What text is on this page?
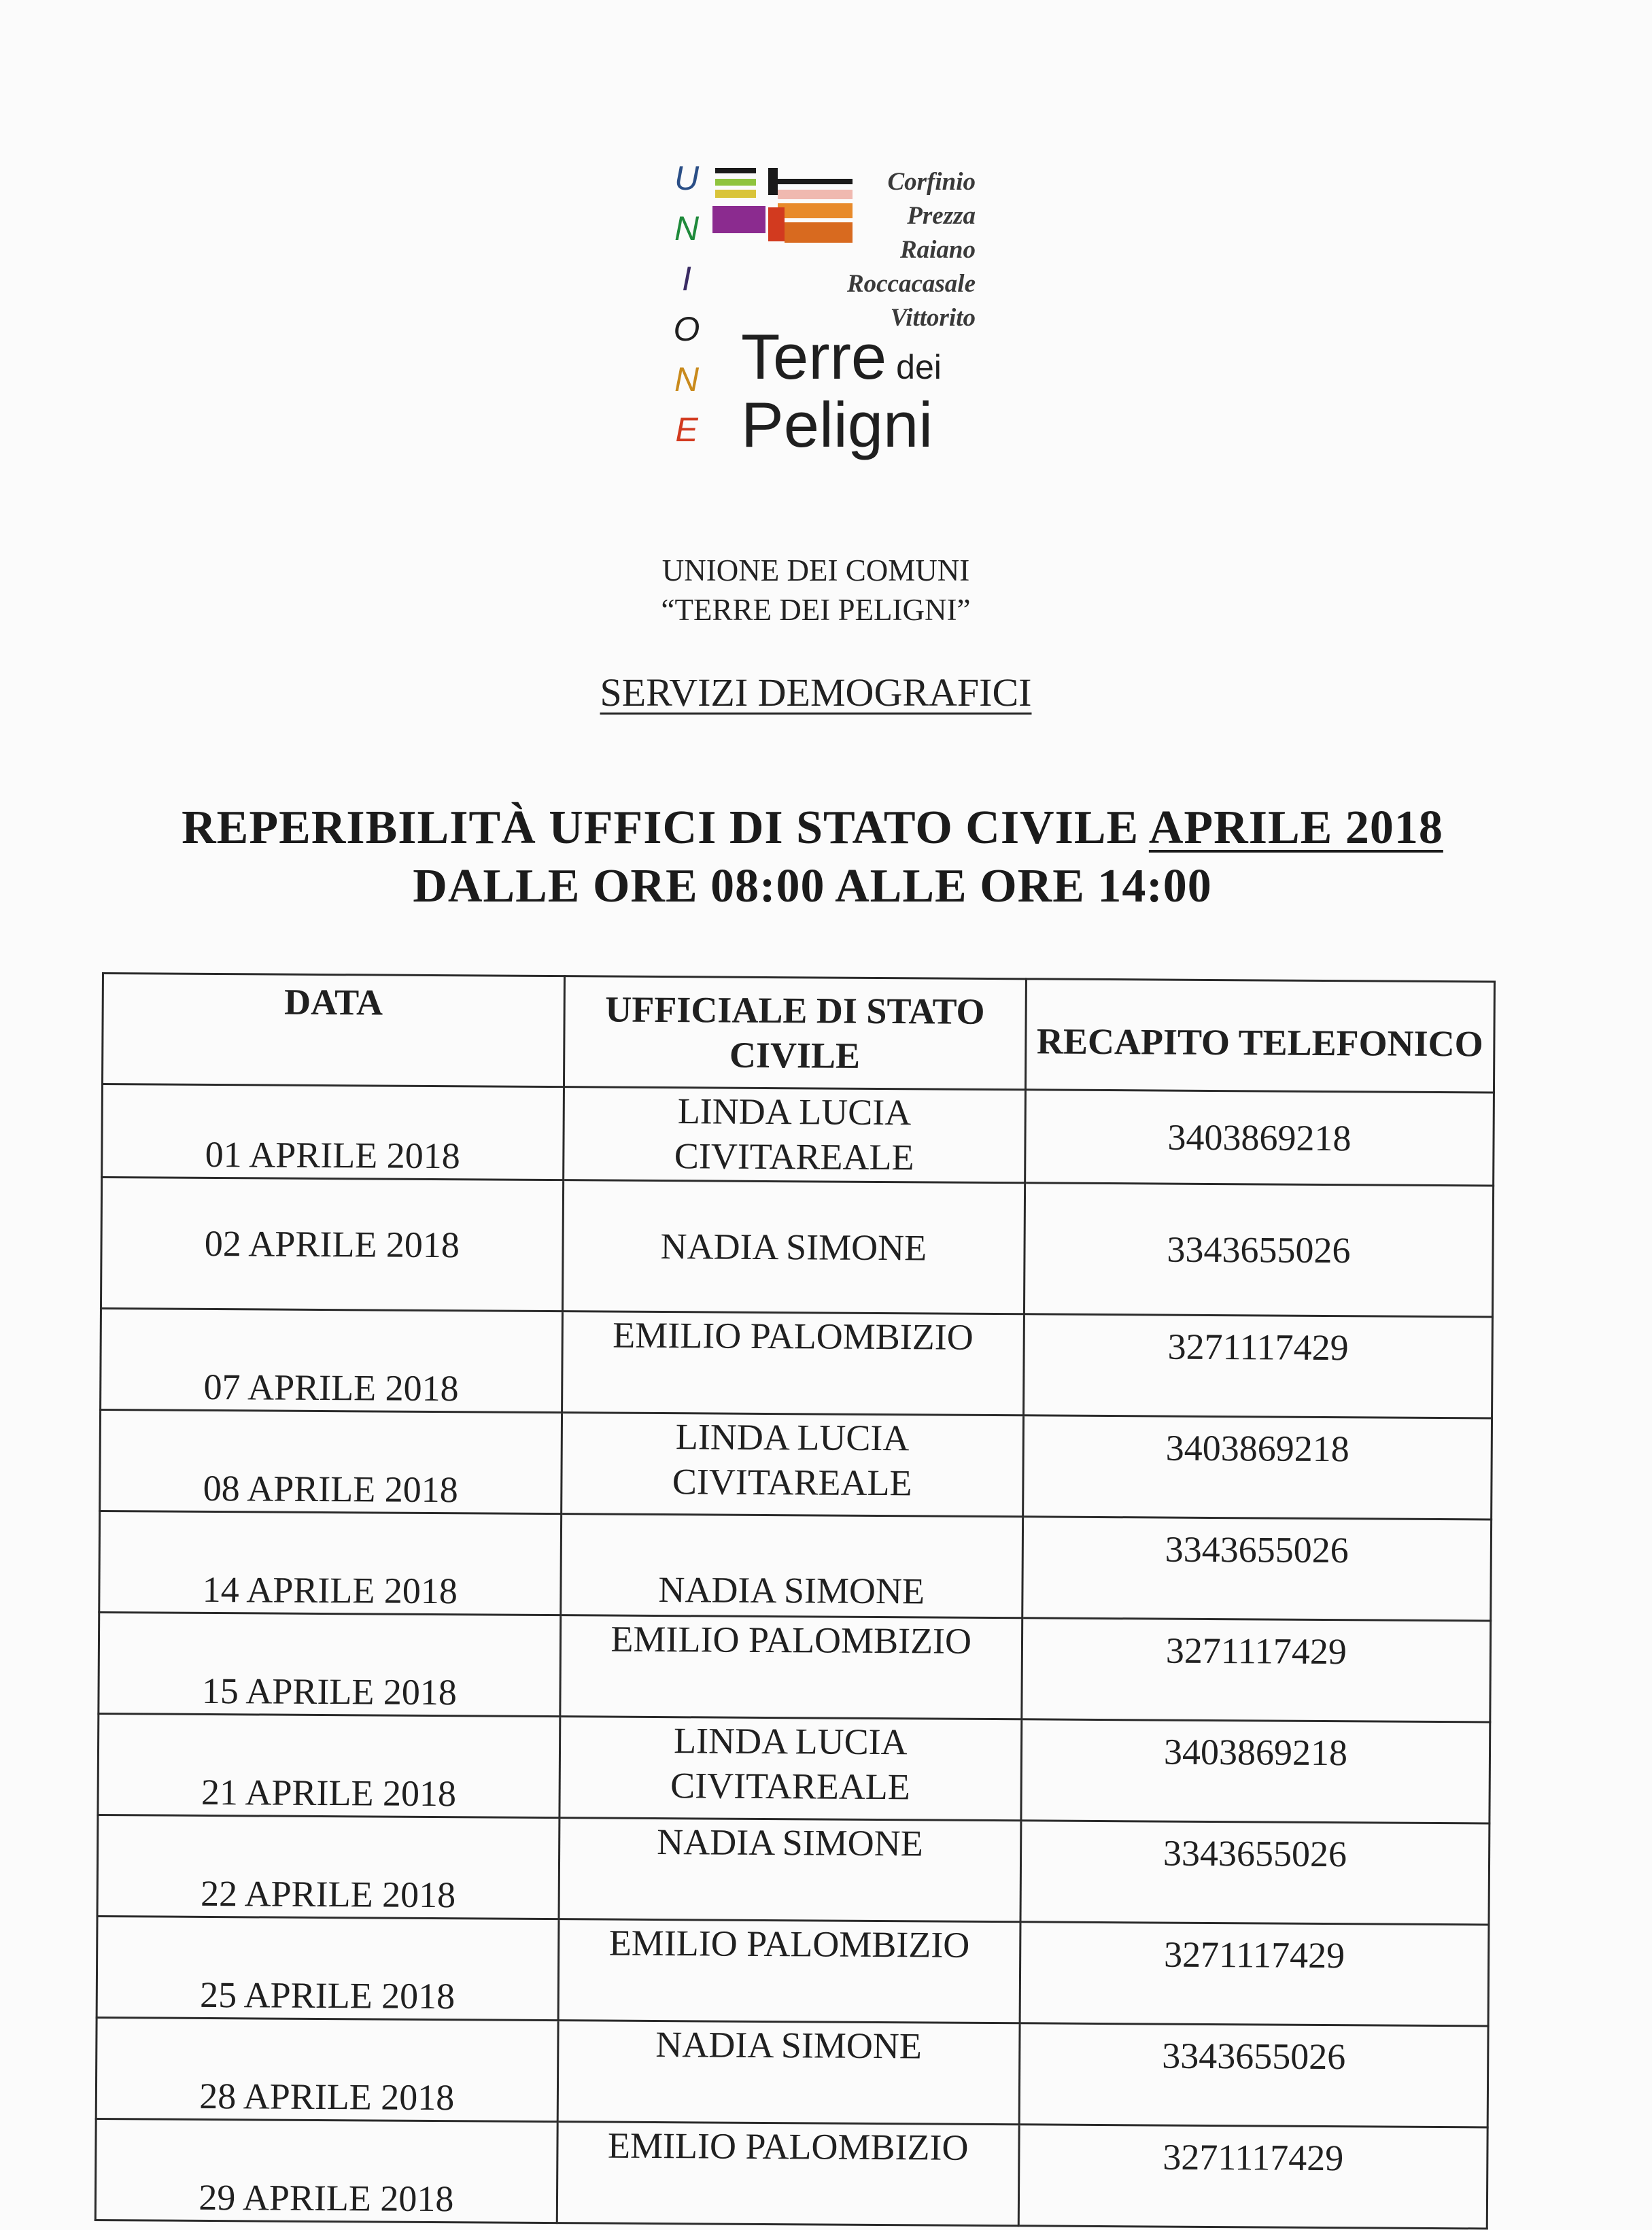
U
N
I
O
N
E
Corfinio
Prezza
Raiano
Roccacasale
Vittorito
Terre dei
Peligni
UNIONE DEI COMUNI
“TERRE DEI PELIGNI”
SERVIZI DEMOGRAFICI
REPERIBILITÀ UFFICI DI STATO CIVILE APRILE 2018
DALLE ORE 08:00 ALLE ORE 14:00
DATA	UFFICIALE DI STATO CIVILE	RECAPITO TELEFONICO
01 APRILE 2018	LINDA LUCIA CIVITAREALE	3403869218
02 APRILE 2018	NADIA SIMONE	3343655026
07 APRILE 2018	EMILIO PALOMBIZIO	3271117429
08 APRILE 2018	LINDA LUCIA CIVITAREALE	3403869218
14 APRILE 2018	NADIA SIMONE	3343655026
15 APRILE 2018	EMILIO PALOMBIZIO	3271117429
21 APRILE 2018	LINDA LUCIA CIVITAREALE	3403869218
22 APRILE 2018	NADIA SIMONE	3343655026
25 APRILE 2018	EMILIO PALOMBIZIO	3271117429
28 APRILE 2018	NADIA SIMONE	3343655026
29 APRILE 2018	EMILIO PALOMBIZIO	3271117429
